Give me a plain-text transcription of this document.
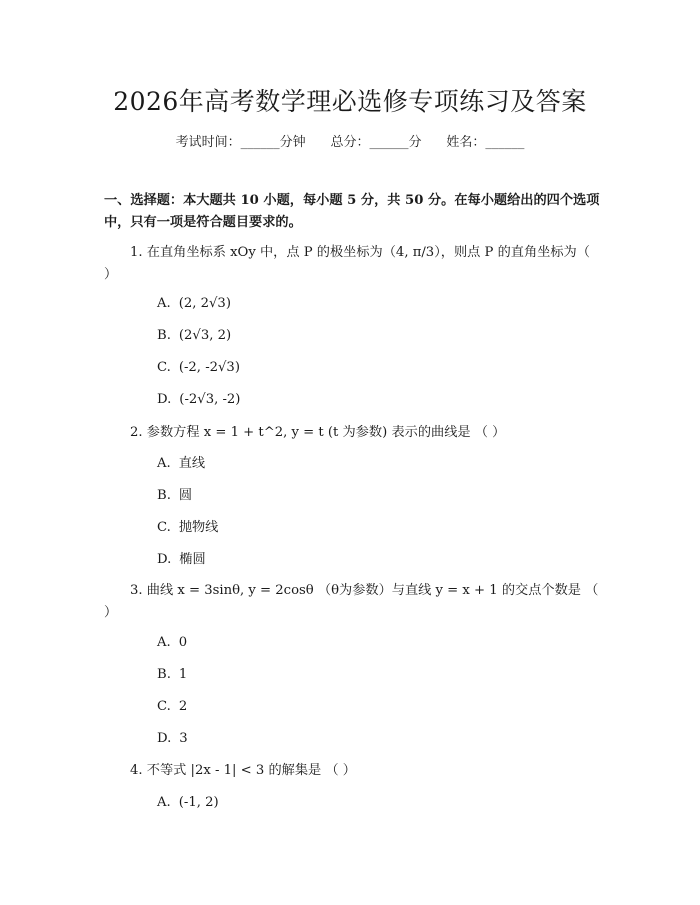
2026年高考数学理必选修专项练习及答案
考试时间：______分钟 总分：______分 姓名：______
一、选择题：本大题共 10 小题，每小题 5 分，共 50 分。在每小题给出的四个选项中，只有一项是符合题目要求的。
1. 在直角坐标系 xOy 中，点 P 的极坐标为（4, π/3），则点 P 的直角坐标为（ ）
A. (2, 2√3)
B. (2√3, 2)
C. (-2, -2√3)
D. (-2√3, -2)
2. 参数方程 x = 1 + t^2, y = t (t 为参数) 表示的曲线是 （ ）
A. 直线
B. 圆
C. 抛物线
D. 椭圆
3. 曲线 x = 3sinθ, y = 2cosθ （θ为参数）与直线 y = x + 1 的交点个数是 （ ）
A. 0
B. 1
C. 2
D. 3
4. 不等式 |2x - 1| < 3 的解集是 （ ）
A. (-1, 2)
